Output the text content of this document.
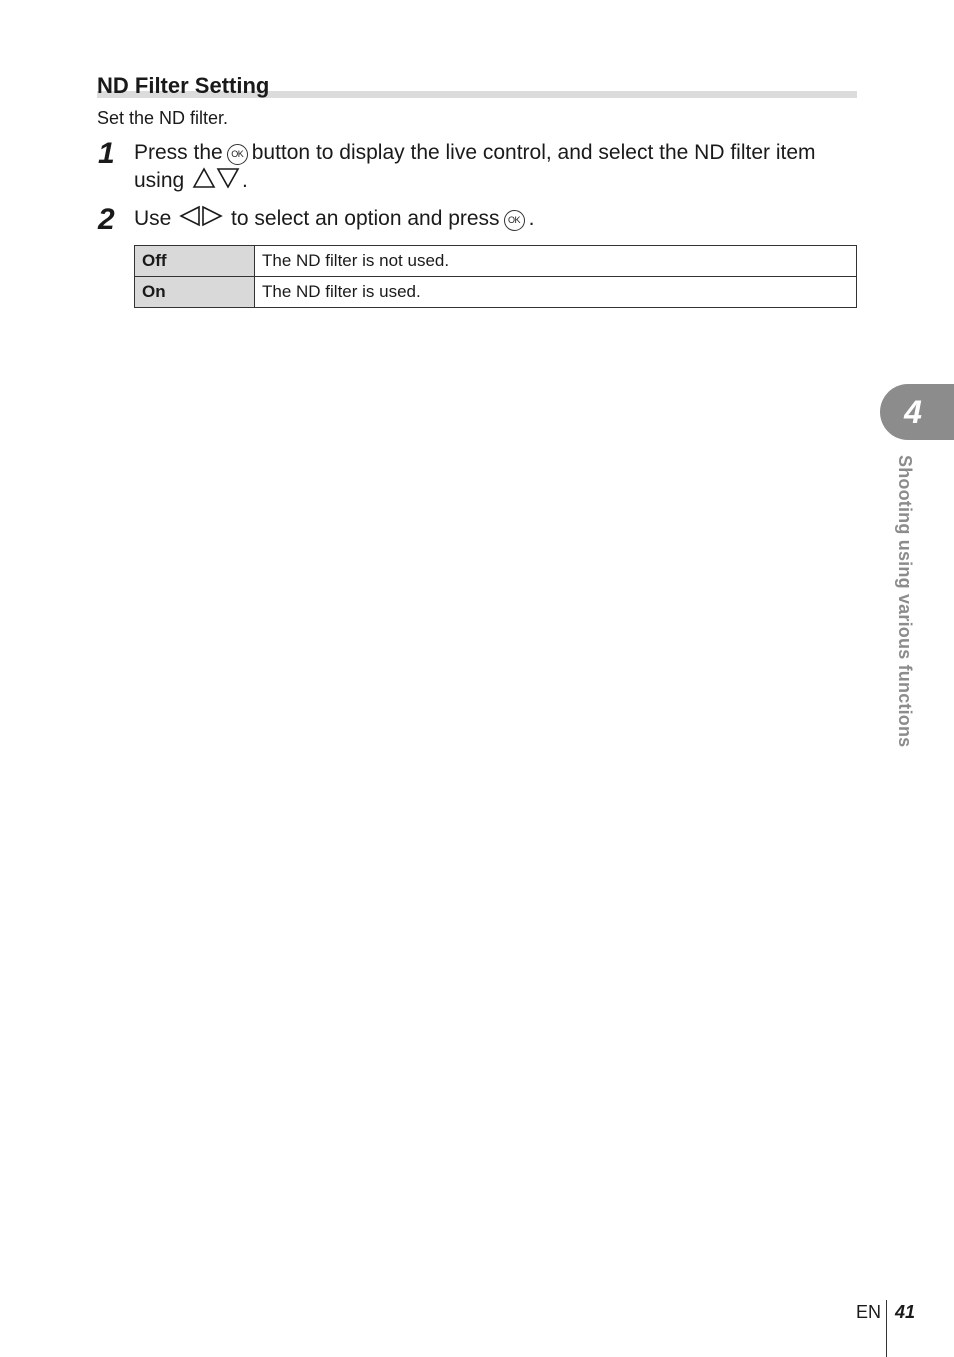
ND Filter Setting
Set the ND filter.
1 Press the OK button to display the live control, and select the ND filter item using	.
2 Use	to select an option and press OK .
Off	The ND filter is not used.
On	The ND filter is used.
4
Shooting using various functions
EN 41
